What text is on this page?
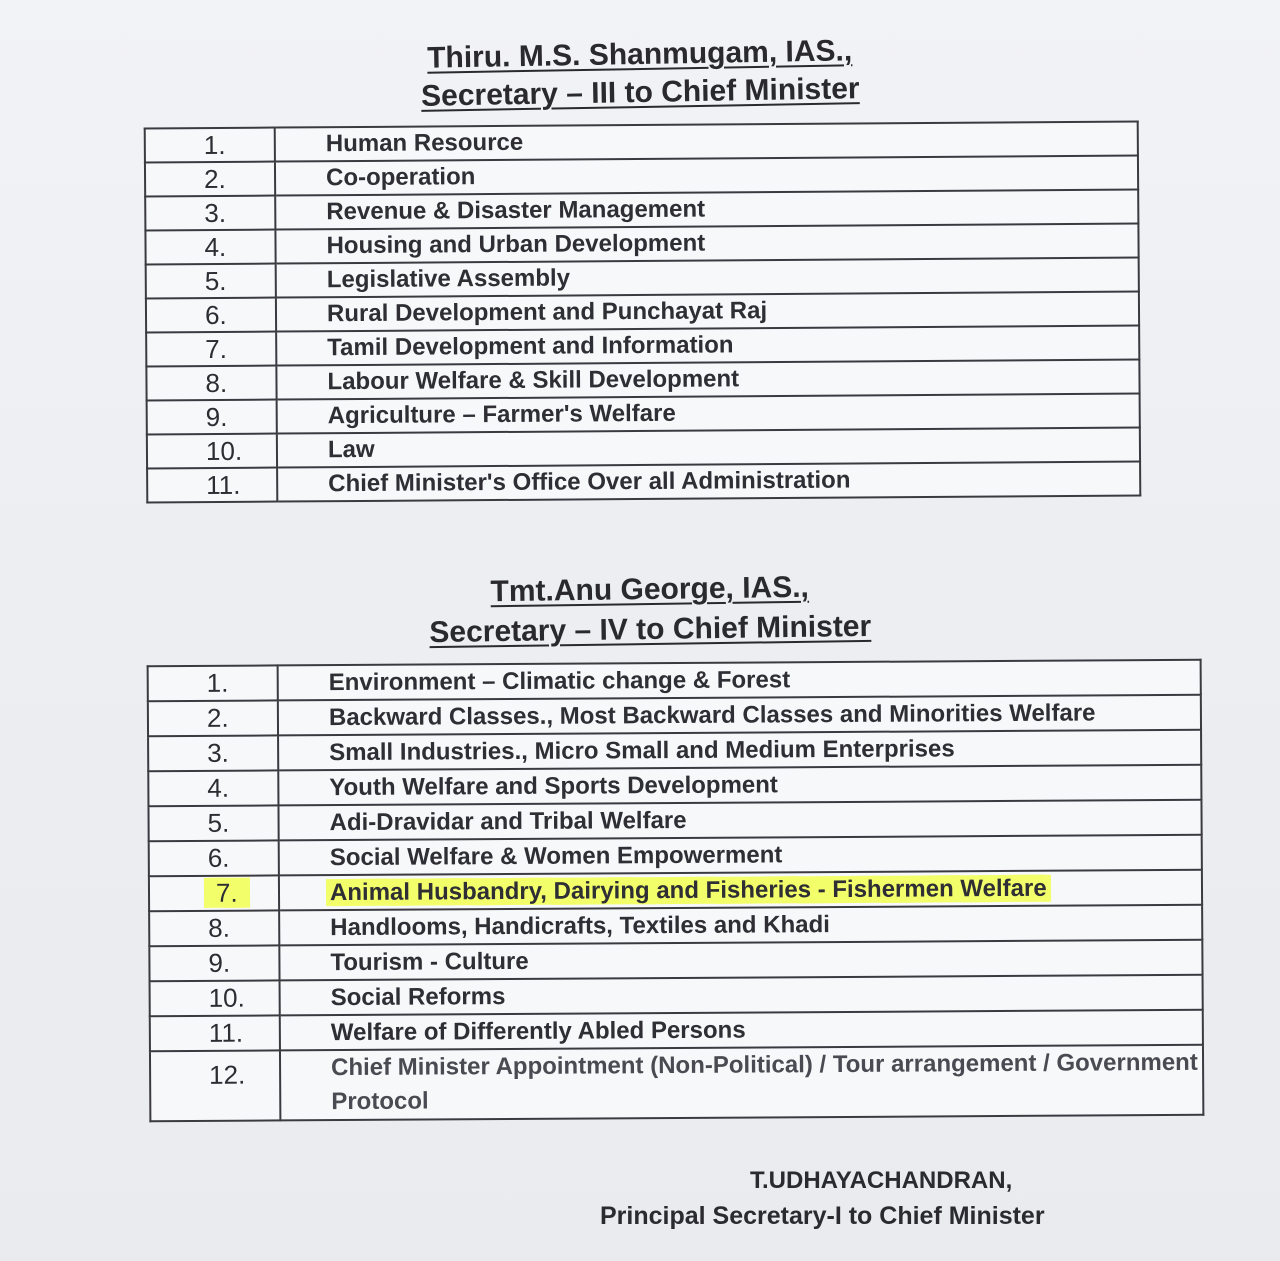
Thiru. M.S. Shanmugam, IAS.,
Secretary – III to Chief Minister
1.	Human Resource
2.	Co-operation
3.	Revenue & Disaster Management
4.	Housing and Urban Development
5.	Legislative Assembly
6.	Rural Development and Punchayat Raj
7.	Tamil Development and Information
8.	Labour Welfare & Skill Development
9.	Agriculture – Farmer's Welfare
10.	Law
11.	Chief Minister's Office Over all Administration
Tmt.Anu George, IAS.,
Secretary – IV to Chief Minister
1.	Environment – Climatic change & Forest
2.	Backward Classes., Most Backward Classes and Minorities Welfare
3.	Small Industries., Micro Small and Medium Enterprises
4.	Youth Welfare and Sports Development
5.	Adi-Dravidar and Tribal Welfare
6.	Social Welfare & Women Empowerment
7.	Animal Husbandry, Dairying and Fisheries - Fishermen Welfare
8.	Handlooms, Handicrafts, Textiles and Khadi
9.	Tourism - Culture
10.	Social Reforms
11.	Welfare of Differently Abled Persons
12.	Chief Minister Appointment (Non-Political) / Tour arrangement / Government Protocol
T.UDHAYACHANDRAN,
Principal Secretary-I to Chief Minister
